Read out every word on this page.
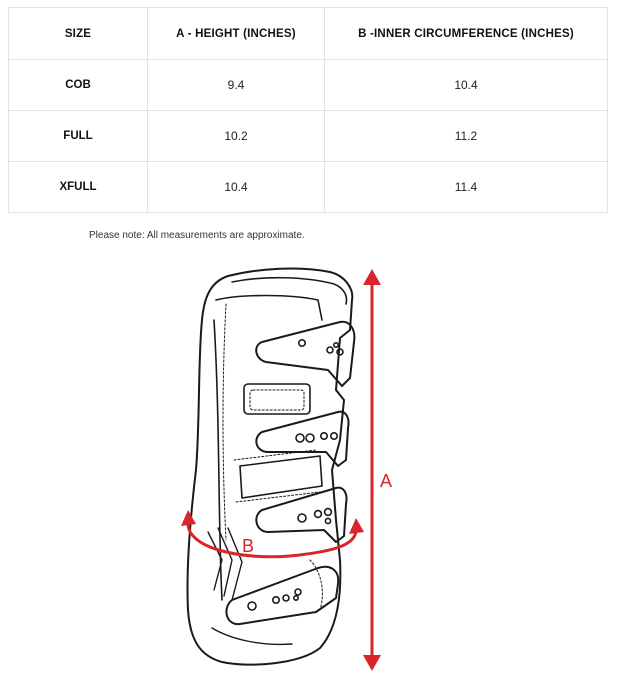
SIZE	A - HEIGHT (INCHES)	B -INNER CIRCUMFERENCE (INCHES)
COB	9.4	10.4
FULL	10.2	11.2
XFULL	10.4	11.4

Please note: All measurements are approximate.

A
B
